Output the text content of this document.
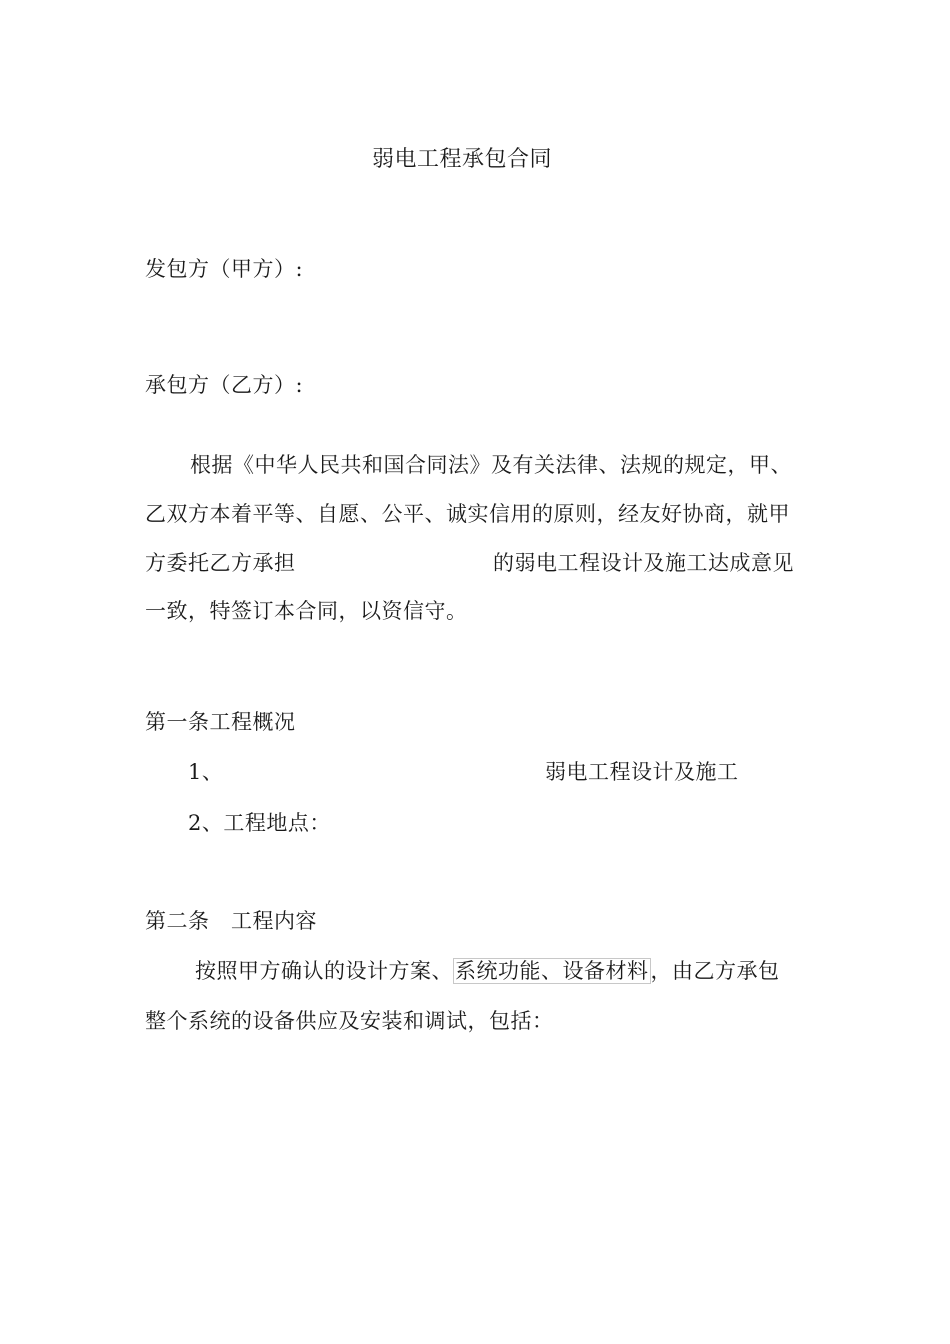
弱电工程承包合同
发包方（甲方）:
承包方（乙方）:
根据《中华人民共和国合同法》及有关法律、法规的规定，甲、
乙双方本着平等、自愿、公平、诚实信用的原则，经友好协商，就甲
方委托乙方承担	的弱电工程设计及施工达成意见
一致，特签订本合同，以资信守。
第一条工程概况
1、	弱电工程设计及施工
2、工程地点：
第二条　工程内容
按照甲方确认的设计方案、系统功能、设备材料，由乙方承包
整个系统的设备供应及安装和调试，包括：
